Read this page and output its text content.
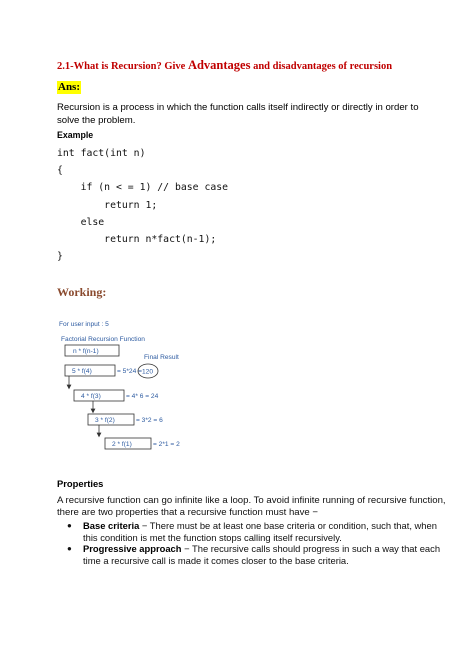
2.1-What is Recursion? Give Advantages and disadvantages of recursion
Ans:
Recursion is a process in which the function calls itself indirectly or directly in order to solve the problem.
Example
int fact(int n)
{
if (n < = 1) // base case
return 1;
else
return n*fact(n-1);
}
Working:
For user input : 5
Factorial Recursion Function
n * f(n-1)
Final Result
5 * f(4)	= 5*24 = 120
4 * f(3)	= 4* 6 = 24
3 * f(2)	= 3*2 = 6
2 * f(1)	= 2*1 = 2
Properties
A recursive function can go infinite like a loop. To avoid infinite running of recursive function, there are two properties that a recursive function must have −
●	Base criteria − There must be at least one base criteria or condition, such that, when this condition is met the function stops calling itself recursively.
●	Progressive approach − The recursive calls should progress in such a way that each time a recursive call is made it comes closer to the base criteria.
